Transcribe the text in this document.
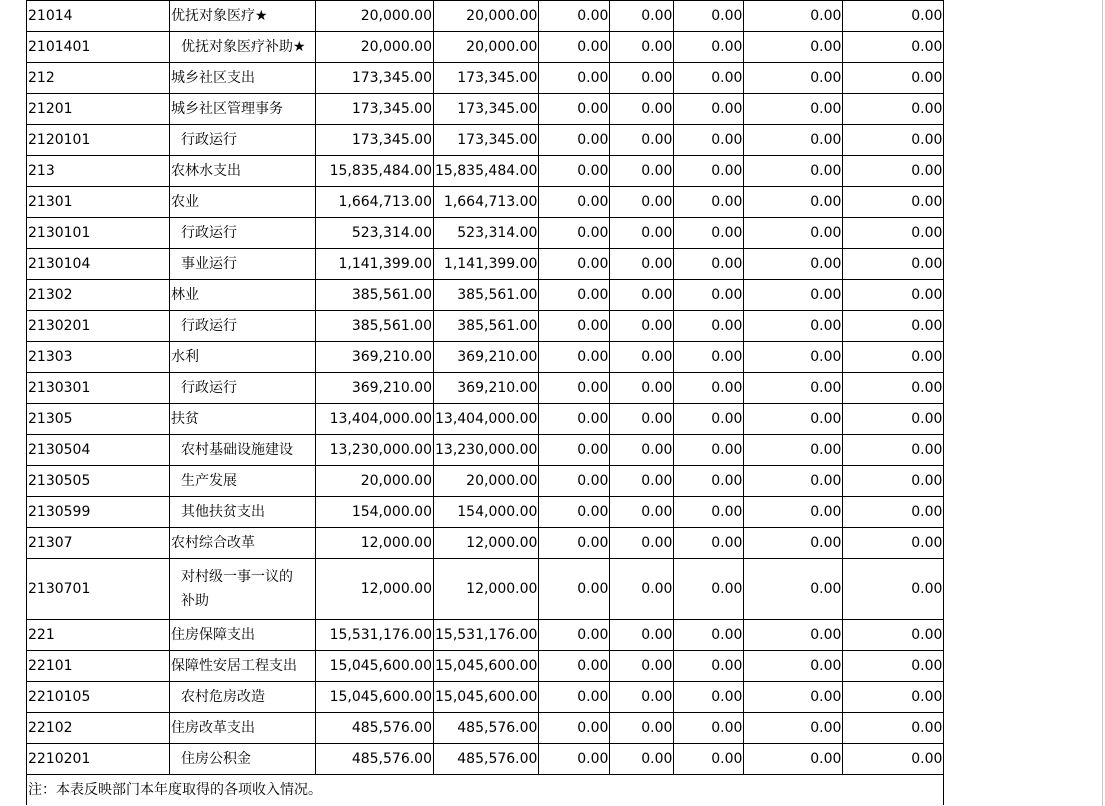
21014	优抚对象医疗★	20,000.00	20,000.00	0.00	0.00	0.00	0.00	0.00
2101401	优抚对象医疗补助★	20,000.00	20,000.00	0.00	0.00	0.00	0.00	0.00
212	城乡社区支出	173,345.00	173,345.00	0.00	0.00	0.00	0.00	0.00
21201	城乡社区管理事务	173,345.00	173,345.00	0.00	0.00	0.00	0.00	0.00
2120101	行政运行	173,345.00	173,345.00	0.00	0.00	0.00	0.00	0.00
213	农林水支出	15,835,484.00	15,835,484.00	0.00	0.00	0.00	0.00	0.00
21301	农业	1,664,713.00	1,664,713.00	0.00	0.00	0.00	0.00	0.00
2130101	行政运行	523,314.00	523,314.00	0.00	0.00	0.00	0.00	0.00
2130104	事业运行	1,141,399.00	1,141,399.00	0.00	0.00	0.00	0.00	0.00
21302	林业	385,561.00	385,561.00	0.00	0.00	0.00	0.00	0.00
2130201	行政运行	385,561.00	385,561.00	0.00	0.00	0.00	0.00	0.00
21303	水利	369,210.00	369,210.00	0.00	0.00	0.00	0.00	0.00
2130301	行政运行	369,210.00	369,210.00	0.00	0.00	0.00	0.00	0.00
21305	扶贫	13,404,000.00	13,404,000.00	0.00	0.00	0.00	0.00	0.00
2130504	农村基础设施建设	13,230,000.00	13,230,000.00	0.00	0.00	0.00	0.00	0.00
2130505	生产发展	20,000.00	20,000.00	0.00	0.00	0.00	0.00	0.00
2130599	其他扶贫支出	154,000.00	154,000.00	0.00	0.00	0.00	0.00	0.00
21307	农村综合改革	12,000.00	12,000.00	0.00	0.00	0.00	0.00	0.00
2130701	对村级一事一议的
补助	12,000.00	12,000.00	0.00	0.00	0.00	0.00	0.00
221	住房保障支出	15,531,176.00	15,531,176.00	0.00	0.00	0.00	0.00	0.00
22101	保障性安居工程支出	15,045,600.00	15,045,600.00	0.00	0.00	0.00	0.00	0.00
2210105	农村危房改造	15,045,600.00	15,045,600.00	0.00	0.00	0.00	0.00	0.00
22102	住房改革支出	485,576.00	485,576.00	0.00	0.00	0.00	0.00	0.00
2210201	住房公积金	485,576.00	485,576.00	0.00	0.00	0.00	0.00	0.00
注：本表反映部门本年度取得的各项收入情况。								
